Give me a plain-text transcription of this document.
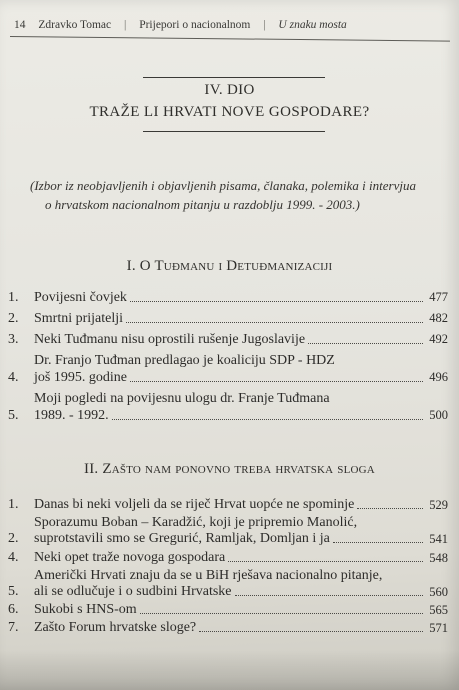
14 Zdravko Tomac | Prijepori o nacionalnom | U znaku mosta
IV. DIO
TRAŽE LI HRVATI NOVE GOSPODARE?
(Izbor iz neobjavljenih i objavljenih pisama, članaka, polemika i intervjua
o hrvatskom nacionalnom pitanju u razdoblju 1999. - 2003.)
I. O Tuđmanu i Detuđmanizaciji
1.	Povijesni čovjek	477
2.	Smrtni prijatelji	482
3.	Neki Tuđmanu nisu oprostili rušenje Jugoslavije	492
4.
Dr. Franjo Tuđman predlagao je koaliciju SDP - HDZ
još 1995. godine	496
5.
Moji pogledi na povijesnu ulogu dr. Franje Tuđmana
1989. - 1992.	500
II. Zašto nam ponovno treba hrvatska sloga
1.	Danas bi neki voljeli da se riječ Hrvat uopće ne spominje	529
2.
Sporazumu Boban – Karadžić, koji je pripremio Manolić,
suprotstavili smo se Gregurić, Ramljak, Domljan i ja	541
4.	Neki opet traže novoga gospodara	548
5.
Američki Hrvati znaju da se u BiH rješava nacionalno pitanje,
ali se odlučuje i o sudbini Hrvatske	560
6.	Sukobi s HNS-om	565
7.	Zašto Forum hrvatske sloge?	571
